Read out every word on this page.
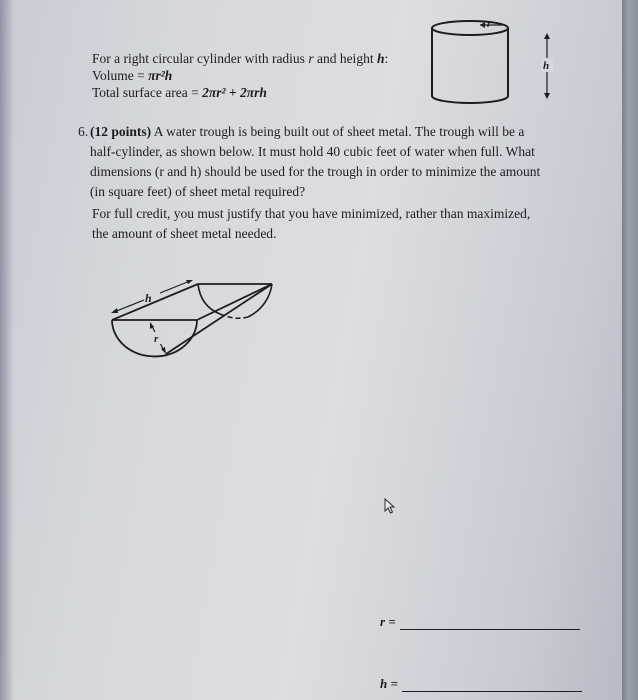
For a right circular cylinder with radius r and height h:
Volume = πr²h
Total surface area = 2πr² + 2πrh
r
h
6. (12 points) A water trough is being built out of sheet metal. The trough will be a
half-cylinder, as shown below. It must hold 40 cubic feet of water when full. What
dimensions (r and h) should be used for the trough in order to minimize the amount
(in square feet) of sheet metal required?
For full credit, you must justify that you have minimized, rather than maximized,
the amount of sheet metal needed.
h
r
r =
h =
